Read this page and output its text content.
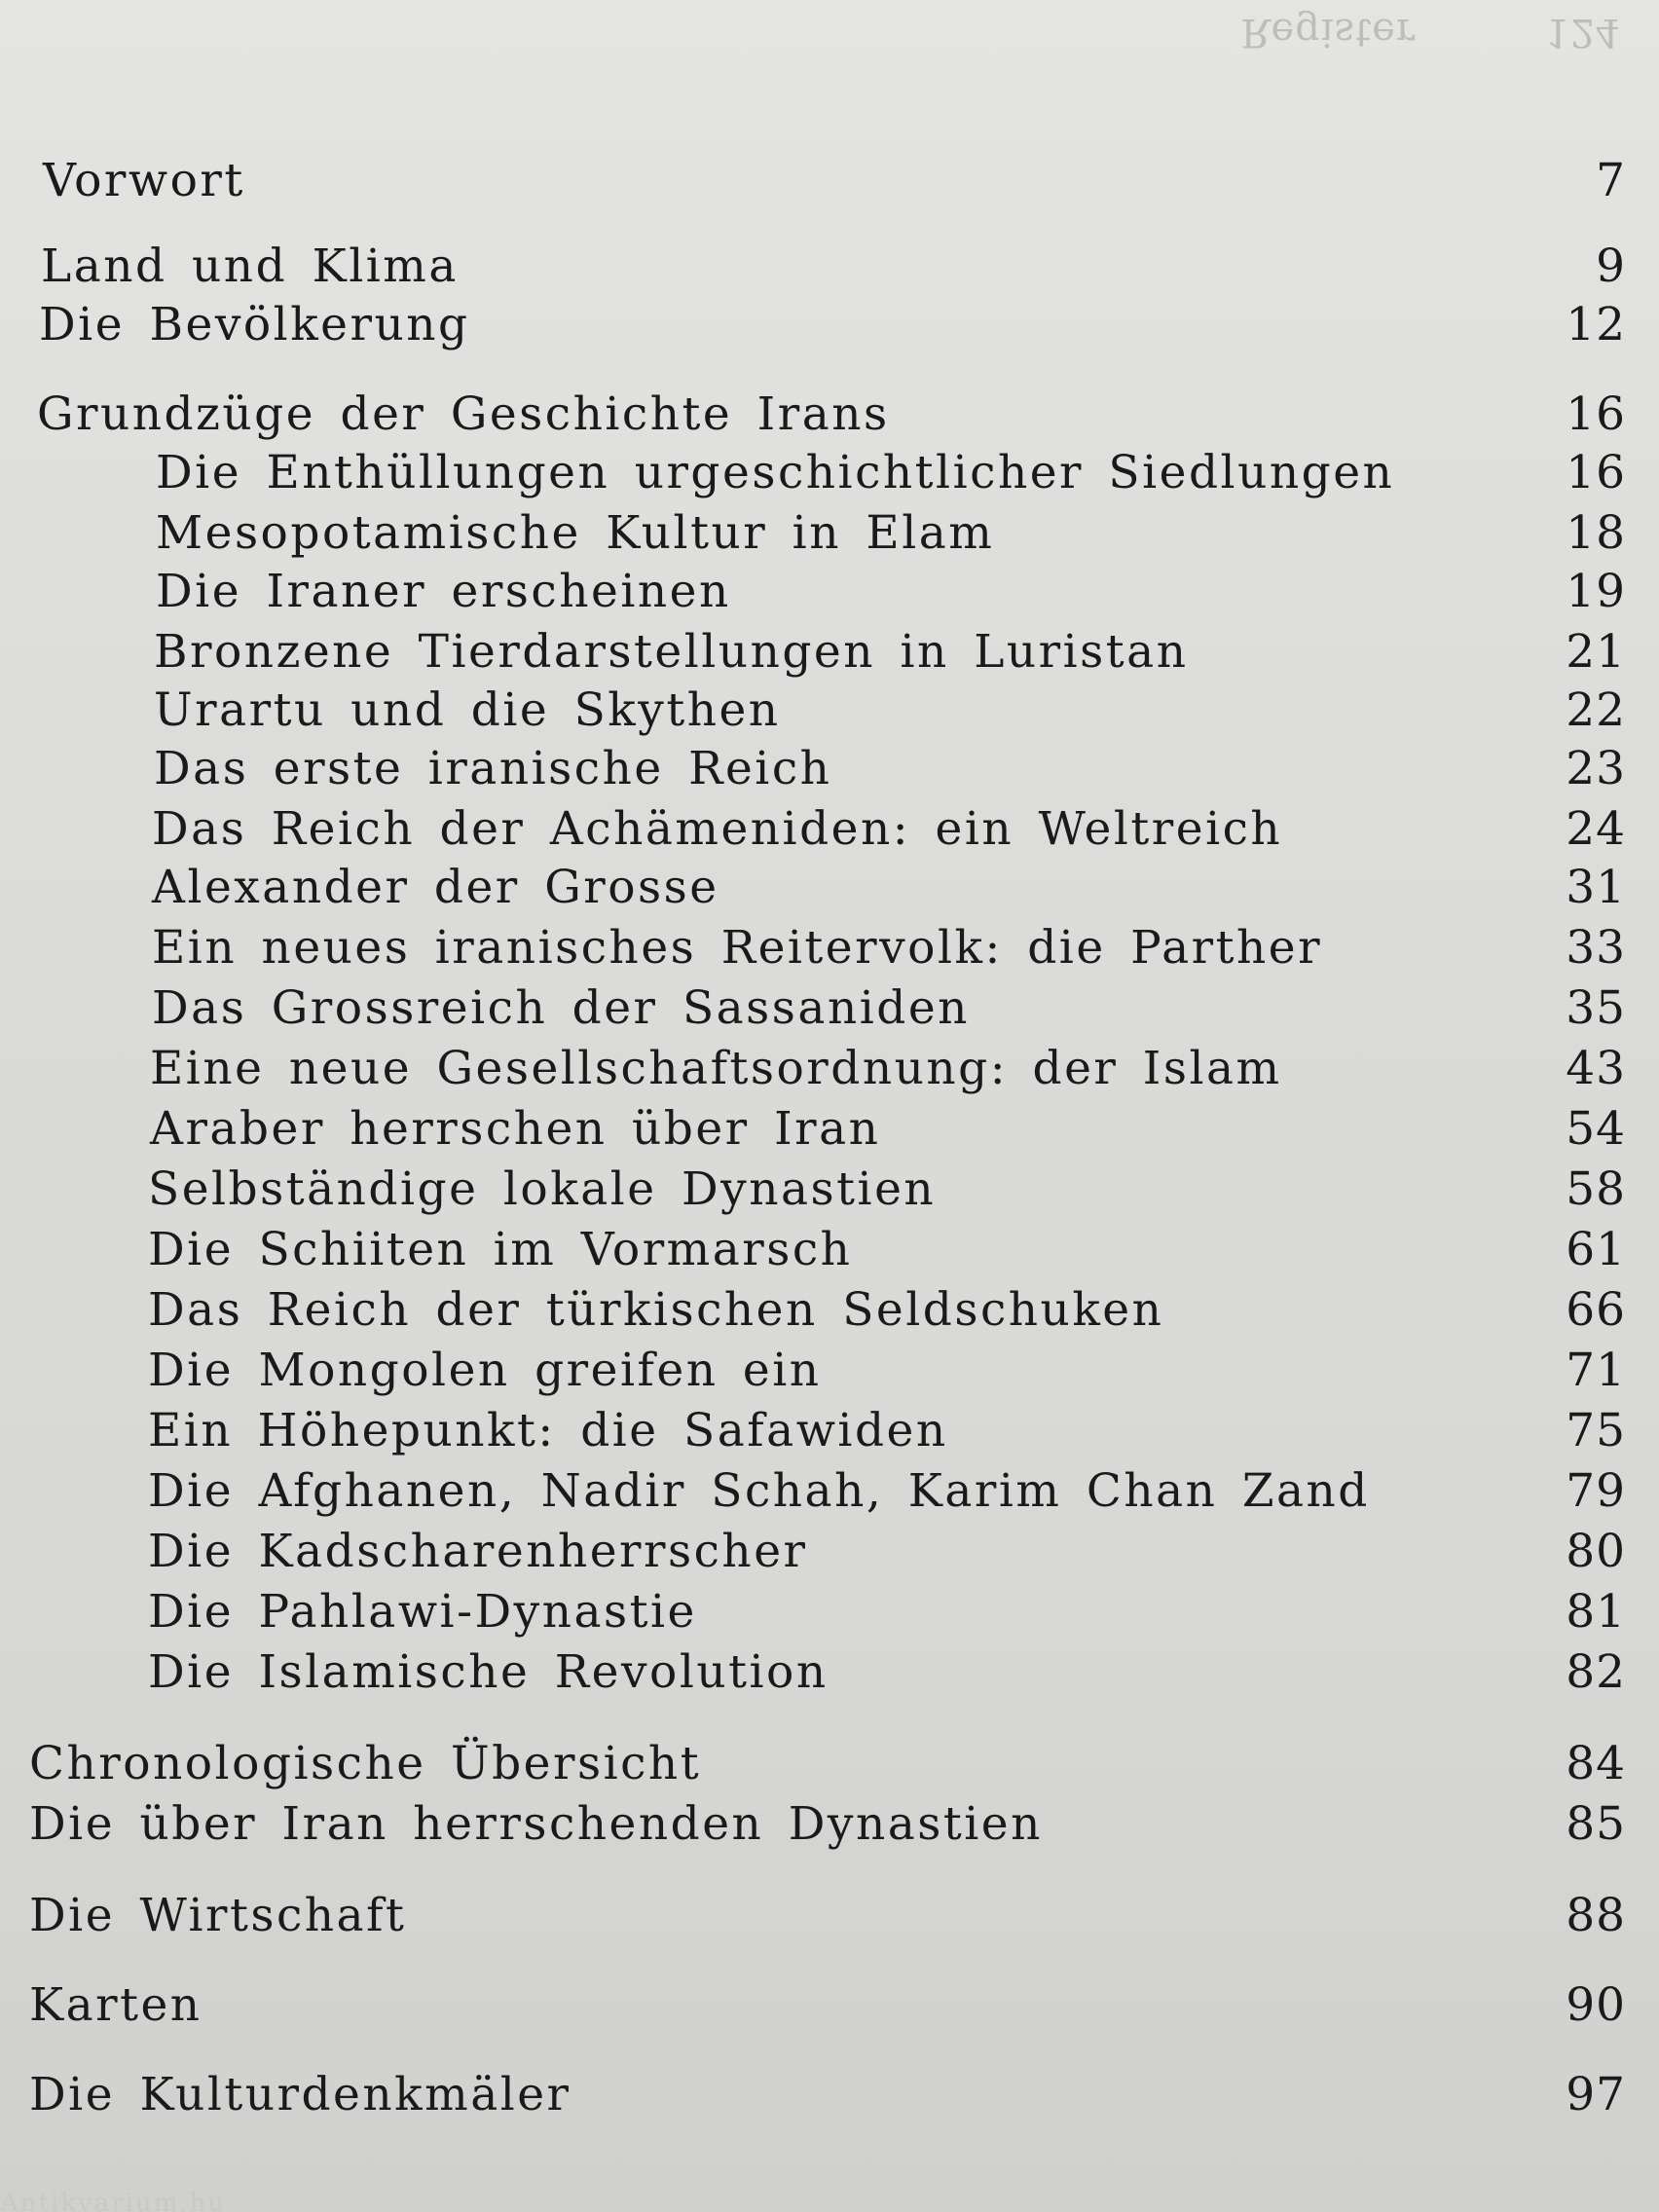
Register	124
Vorwort	7
Land und Klima	9
Die Bevölkerung	12
Grundzüge der Geschichte Irans	16
Die Enthüllungen urgeschichtlicher Siedlungen	16
Mesopotamische Kultur in Elam	18
Die Iraner erscheinen	19
Bronzene Tierdarstellungen in Luristan	21
Urartu und die Skythen	22
Das erste iranische Reich	23
Das Reich der Achämeniden: ein Weltreich	24
Alexander der Grosse	31
Ein neues iranisches Reitervolk: die Parther	33
Das Grossreich der Sassaniden	35
Eine neue Gesellschaftsordnung: der Islam	43
Araber herrschen über Iran	54
Selbständige lokale Dynastien	58
Die Schiiten im Vormarsch	61
Das Reich der türkischen Seldschuken	66
Die Mongolen greifen ein	71
Ein Höhepunkt: die Safawiden	75
Die Afghanen, Nadir Schah, Karim Chan Zand	79
Die Kadscharenherrscher	80
Die Pahlawi-Dynastie	81
Die Islamische Revolution	82
Chronologische Übersicht	84
Die über Iran herrschenden Dynastien	85
Die Wirtschaft	88
Karten	90
Die Kulturdenkmäler	97
Antikvarium.hu
